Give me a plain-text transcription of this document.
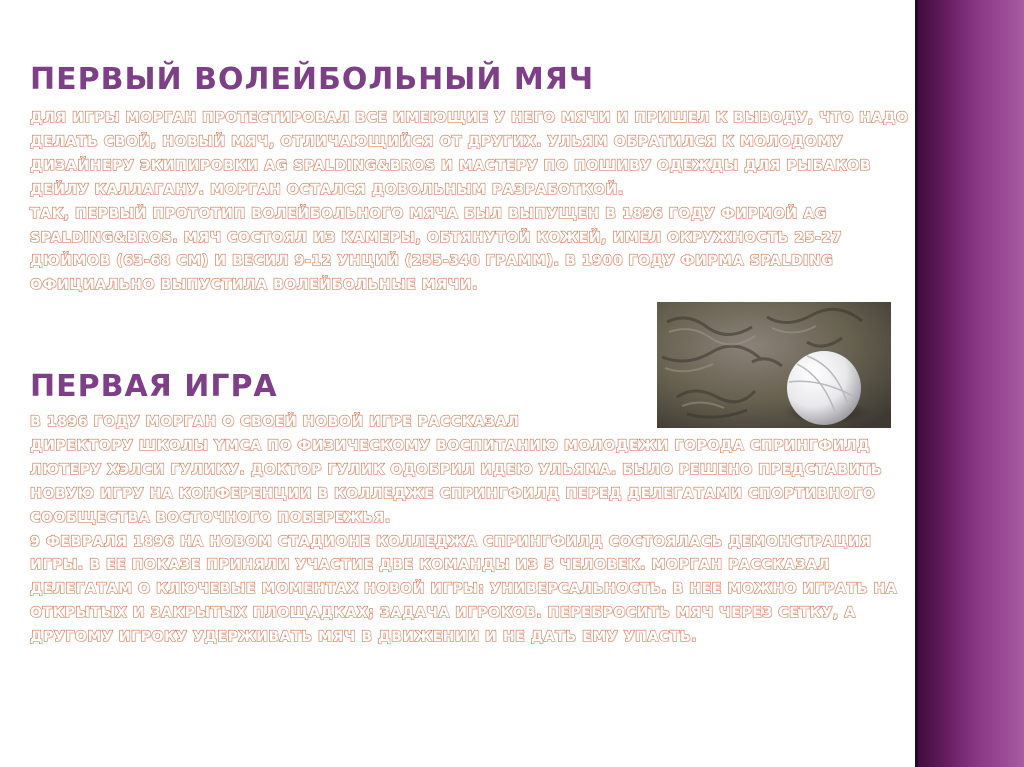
ПЕРВЫЙ ВОЛЕЙБОЛЬНЫЙ МЯЧ

ДЛЯ ИГРЫ МОРГАН ПРОТЕСТИРОВАЛ ВСЕ ИМЕЮЩИЕ У НЕГО МЯЧИ И ПРИШЕЛ К ВЫВОДУ, ЧТО НАДО ДЕЛАТЬ СВОЙ, НОВЫЙ МЯЧ, ОТЛИЧАЮЩИЙСЯ ОТ ДРУГИХ. УЛЬЯМ ОБРАТИЛСЯ К МОЛОДОМУ ДИЗАЙНЕРУ ЭКИПИРОВКИ AG SPALDING&BROS И МАСТЕРУ ПО ПОШИВУ ОДЕЖДЫ ДЛЯ РЫБАКОВ ДЕЙЛУ КАЛЛАГАНУ. МОРГАН ОСТАЛСЯ ДОВОЛЬНЫМ РАЗРАБОТКОЙ.
ТАК, ПЕРВЫЙ ПРОТОТИП ВОЛЕЙБОЛЬНОГО МЯЧА БЫЛ ВЫПУЩЕН В 1896 ГОДУ ФИРМОЙ AG SPALDING&BROS. МЯЧ СОСТОЯЛ ИЗ КАМЕРЫ, ОБТЯНУТОЙ КОЖЕЙ, ИМЕЛ ОКРУЖНОСТЬ 25-27 ДЮЙМОВ (63-68 СМ) И ВЕСИЛ 9-12 УНЦИЙ (255-340 ГРАММ). В 1900 ГОДУ ФИРМА SPALDING ОФИЦИАЛЬНО ВЫПУСТИЛА ВОЛЕЙБОЛЬНЫЕ МЯЧИ.

ПЕРВАЯ ИГРА

В 1896 ГОДУ МОРГАН О СВОЕЙ НОВОЙ ИГРЕ РАССКАЗАЛ
ДИРЕКТОРУ ШКОЛЫ YMCA ПО ФИЗИЧЕСКОМУ ВОСПИТАНИЮ МОЛОДЕЖИ ГОРОДА СПРИНГФИЛД ЛЮТЕРУ ХЭЛСИ ГУЛИКУ. ДОКТОР ГУЛИК ОДОБРИЛ ИДЕЮ УЛЬЯМА. БЫЛО РЕШЕНО ПРЕДСТАВИТЬ НОВУЮ ИГРУ НА КОНФЕРЕНЦИИ В КОЛЛЕДЖЕ СПРИНГФИЛД ПЕРЕД ДЕЛЕГАТАМИ СПОРТИВНОГО СООБЩЕСТВА ВОСТОЧНОГО ПОБЕРЕЖЬЯ.
9 ФЕВРАЛЯ 1896 НА НОВОМ СТАДИОНЕ КОЛЛЕДЖА СПРИНГФИЛД СОСТОЯЛАСЬ ДЕМОНСТРАЦИЯ ИГРЫ. В ЕЕ ПОКАЗЕ ПРИНЯЛИ УЧАСТИЕ ДВЕ КОМАНДЫ ИЗ 5 ЧЕЛОВЕК. МОРГАН РАССКАЗАЛ ДЕЛЕГАТАМ О КЛЮЧЕВЫЕ МОМЕНТАХ НОВОЙ ИГРЫ: УНИВЕРСАЛЬНОСТЬ. В НЕЕ МОЖНО ИГРАТЬ НА ОТКРЫТЫХ И ЗАКРЫТЫХ ПЛОЩАДКАХ; ЗАДАЧА ИГРОКОВ. ПЕРЕБРОСИТЬ МЯЧ ЧЕРЕЗ СЕТКУ, А ДРУГОМУ ИГРОКУ УДЕРЖИВАТЬ МЯЧ В ДВИЖЕНИИ И НЕ ДАТЬ ЕМУ УПАСТЬ.
